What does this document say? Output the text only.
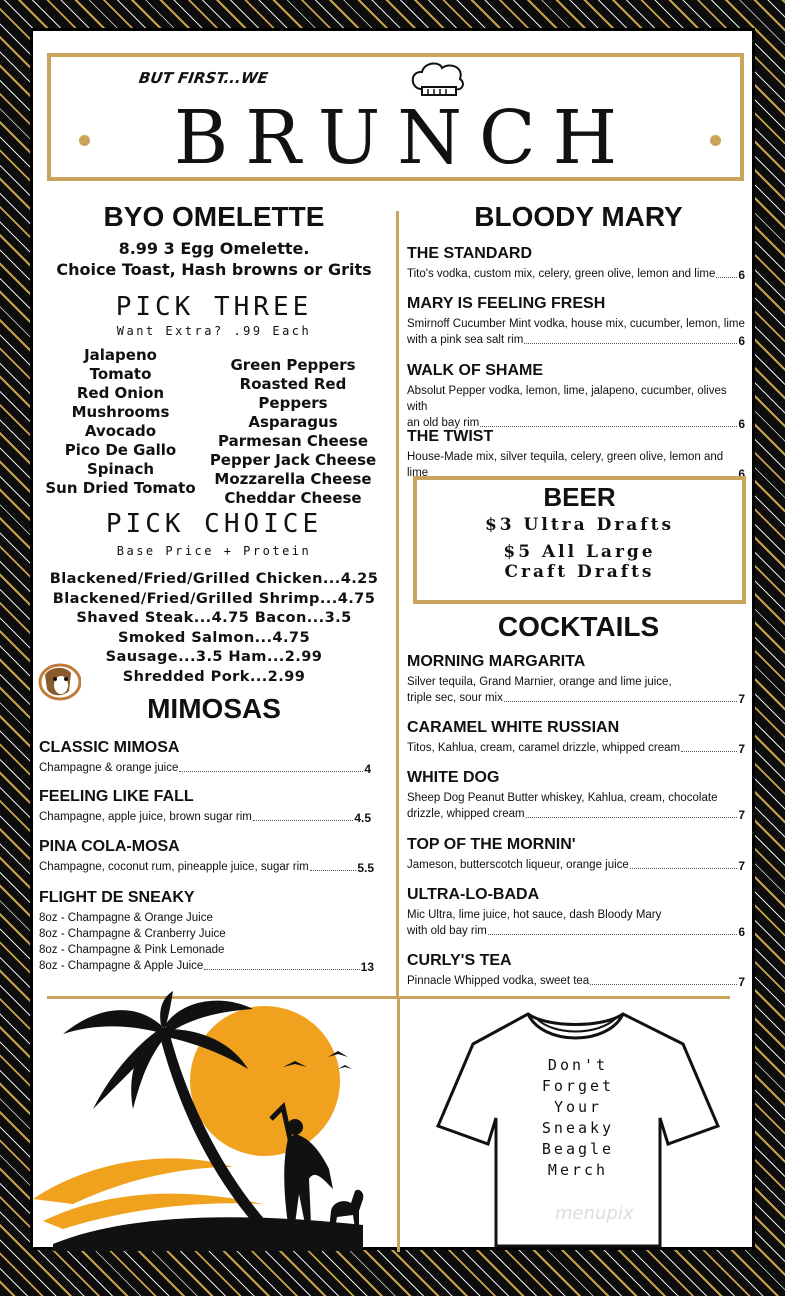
BUT FIRST...WE
BRUNCH
BYO OMELETTE
8.99 3 Egg Omelette.
Choice Toast, Hash browns or Grits
PICK THREE
Want Extra? .99 Each
Jalapeno
Tomato
Red Onion
Mushrooms
Avocado
Pico De Gallo
Spinach
Sun Dried Tomato
Green Peppers
Roasted Red Peppers
Asparagus
Parmesan Cheese
Pepper Jack Cheese
Mozzarella Cheese
Cheddar Cheese
PICK CHOICE
Base Price + Protein
Blackened/Fried/Grilled Chicken...4.25
Blackened/Fried/Grilled Shrimp...4.75
Shaved Steak...4.75 Bacon...3.5
Smoked Salmon...4.75
Sausage...3.5 Ham...2.99
Shredded Pork...2.99
MIMOSAS
CLASSIC MIMOSA
Champagne & orange juice	4
FEELING LIKE FALL
Champagne, apple juice, brown sugar rim	4.5
PINA COLA-MOSA
Champagne, coconut rum, pineapple juice, sugar rim	5.5
FLIGHT DE SNEAKY
8oz - Champagne & Orange Juice
8oz - Champagne & Cranberry Juice
8oz - Champagne & Pink Lemonade
8oz - Champagne & Apple Juice	13
BLOODY MARY
THE STANDARD
Tito's vodka, custom mix, celery, green olive, lemon and lime 6
MARY IS FEELING FRESH
Smirnoff Cucumber Mint vodka, house mix, cucumber, lemon, lime
with a pink sea salt rim	6
WALK OF SHAME
Absolut Pepper vodka, lemon, lime, jalapeno, cucumber, olives with
an old bay rim	6
THE TWIST
House-Made mix, silver tequila, celery, green olive, lemon and lime	6
BEER
$3 Ultra Drafts
$5 All Large
Craft Drafts
COCKTAILS
MORNING MARGARITA
Silver tequila, Grand Marnier, orange and lime juice,
triple sec, sour mix	7
CARAMEL WHITE RUSSIAN
Titos, Kahlua, cream, caramel drizzle, whipped cream	7
WHITE DOG
Sheep Dog Peanut Butter whiskey, Kahlua, cream, chocolate
drizzle, whipped cream	7
TOP OF THE MORNIN'
Jameson, butterscotch liqueur, orange juice	7
ULTRA-LO-BADA
Mic Ultra, lime juice, hot sauce, dash Bloody Mary
with old bay rim	6
CURLY'S TEA
Pinnacle Whipped vodka, sweet tea	7
Don't
Forget
Your
Sneaky
Beagle
Merch
menupix
